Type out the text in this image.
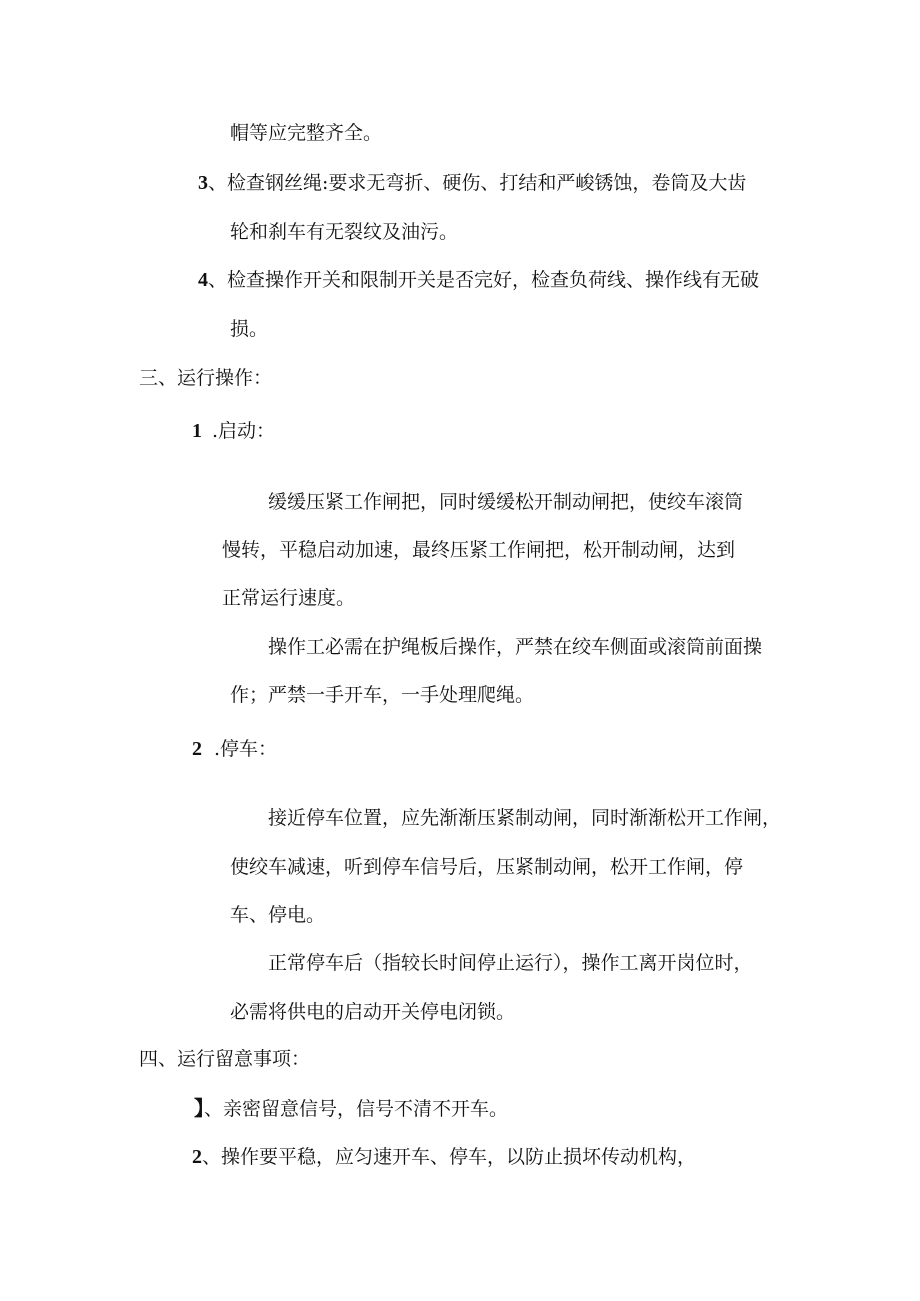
帽等应完整齐全。
3、检查钢丝绳:要求无弯折、硬伤、打结和严峻锈蚀，卷筒及大齿
轮和刹车有无裂纹及油污。
4、检查操作开关和限制开关是否完好，检查负荷线、操作线有无破
损。
三、运行操作：
1 .启动：
缓缓压紧工作闸把，同时缓缓松开制动闸把，使绞车滚筒
慢转，平稳启动加速，最终压紧工作闸把，松开制动闸，达到
正常运行速度。
操作工必需在护绳板后操作，严禁在绞车侧面或滚筒前面操
作；严禁一手开车，一手处理爬绳。
2 .停车：
接近停车位置，应先渐渐压紧制动闸，同时渐渐松开工作闸，
使绞车减速，听到停车信号后，压紧制动闸，松开工作闸，停
车、停电。
正常停车后（指较长时间停止运行），操作工离开岗位时，
必需将供电的启动开关停电闭锁。
四、运行留意事项：
】、亲密留意信号，信号不清不开车。
2、操作要平稳，应匀速开车、停车，以防止损坏传动机构，
